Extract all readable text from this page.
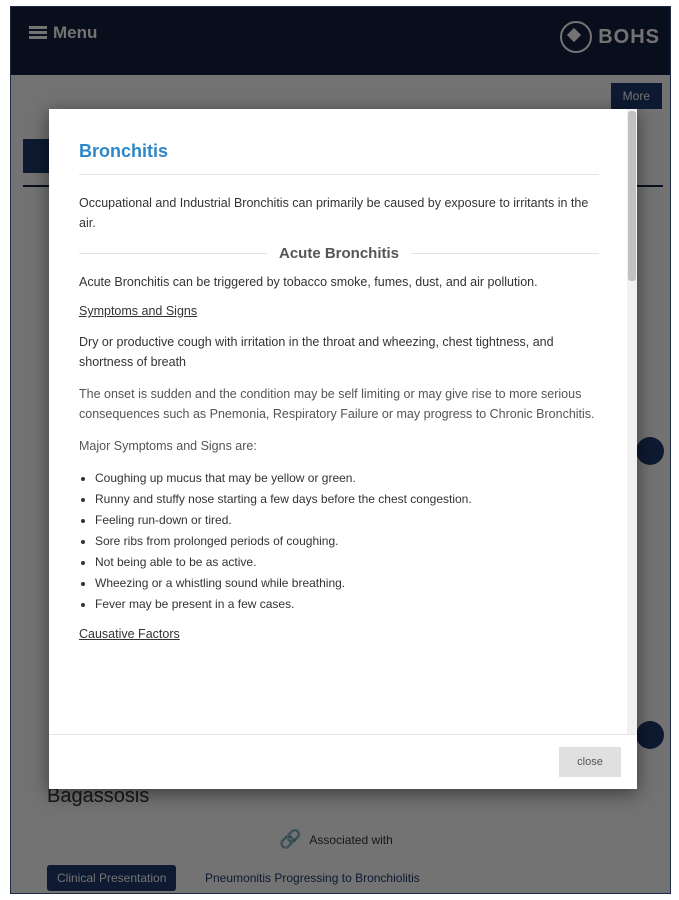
Bronchitis

Occupational and Industrial Bronchitis can primarily be caused by exposure to irritants in the air.

Acute Bronchitis

Acute Bronchitis can be triggered by tobacco smoke, fumes, dust, and air pollution.

Symptoms and Signs

Dry or productive cough with irritation in the throat and wheezing, chest tightness, and shortness of breath

The onset is sudden and the condition may be self limiting or may give rise to more serious consequences such as Pnemonia, Respiratory Failure or may progress to Chronic Bronchitis.

Major Symptoms and Signs are:

• Coughing up mucus that may be yellow or green.
• Runny and stuffy nose starting a few days before the chest congestion.
• Feeling run-down or tired.
• Sore ribs from prolonged periods of coughing.
• Not being able to be as active.
• Wheezing or a whistling sound while breathing.
• Fever may be present in a few cases.
Causative Factors
close
